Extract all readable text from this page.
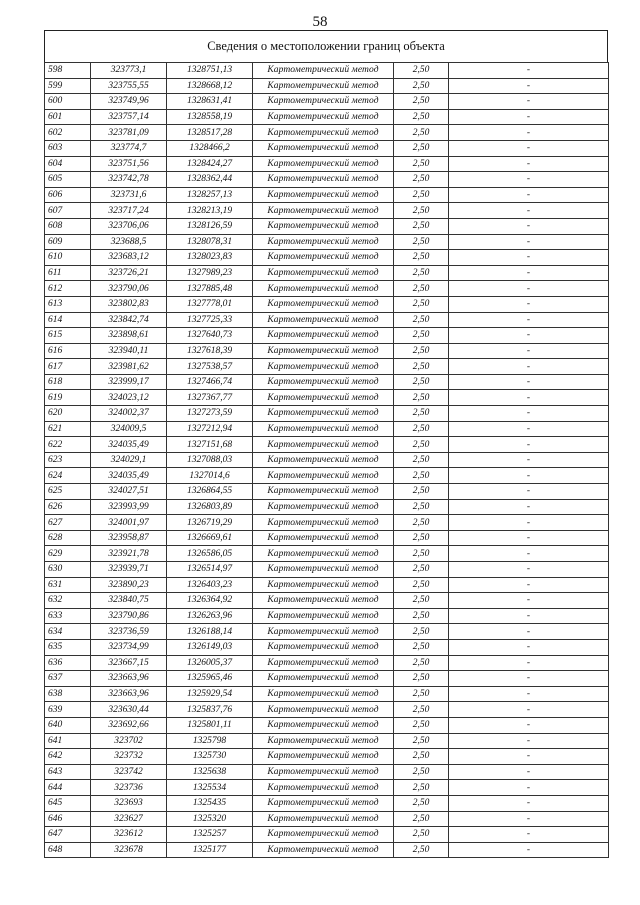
58
Сведения о местоположении границ объекта
598	323773,1	1328751,13	Картометрический метод	2,50	-
599	323755,55	1328668,12	Картометрический метод	2,50	-
600	323749,96	1328631,41	Картометрический метод	2,50	-
601	323757,14	1328558,19	Картометрический метод	2,50	-
602	323781,09	1328517,28	Картометрический метод	2,50	-
603	323774,7	1328466,2	Картометрический метод	2,50	-
604	323751,56	1328424,27	Картометрический метод	2,50	-
605	323742,78	1328362,44	Картометрический метод	2,50	-
606	323731,6	1328257,13	Картометрический метод	2,50	-
607	323717,24	1328213,19	Картометрический метод	2,50	-
608	323706,06	1328126,59	Картометрический метод	2,50	-
609	323688,5	1328078,31	Картометрический метод	2,50	-
610	323683,12	1328023,83	Картометрический метод	2,50	-
611	323726,21	1327989,23	Картометрический метод	2,50	-
612	323790,06	1327885,48	Картометрический метод	2,50	-
613	323802,83	1327778,01	Картометрический метод	2,50	-
614	323842,74	1327725,33	Картометрический метод	2,50	-
615	323898,61	1327640,73	Картометрический метод	2,50	-
616	323940,11	1327618,39	Картометрический метод	2,50	-
617	323981,62	1327538,57	Картометрический метод	2,50	-
618	323999,17	1327466,74	Картометрический метод	2,50	-
619	324023,12	1327367,77	Картометрический метод	2,50	-
620	324002,37	1327273,59	Картометрический метод	2,50	-
621	324009,5	1327212,94	Картометрический метод	2,50	-
622	324035,49	1327151,68	Картометрический метод	2,50	-
623	324029,1	1327088,03	Картометрический метод	2,50	-
624	324035,49	1327014,6	Картометрический метод	2,50	-
625	324027,51	1326864,55	Картометрический метод	2,50	-
626	323993,99	1326803,89	Картометрический метод	2,50	-
627	324001,97	1326719,29	Картометрический метод	2,50	-
628	323958,87	1326669,61	Картометрический метод	2,50	-
629	323921,78	1326586,05	Картометрический метод	2,50	-
630	323939,71	1326514,97	Картометрический метод	2,50	-
631	323890,23	1326403,23	Картометрический метод	2,50	-
632	323840,75	1326364,92	Картометрический метод	2,50	-
633	323790,86	1326263,96	Картометрический метод	2,50	-
634	323736,59	1326188,14	Картометрический метод	2,50	-
635	323734,99	1326149,03	Картометрический метод	2,50	-
636	323667,15	1326005,37	Картометрический метод	2,50	-
637	323663,96	1325965,46	Картометрический метод	2,50	-
638	323663,96	1325929,54	Картометрический метод	2,50	-
639	323630,44	1325837,76	Картометрический метод	2,50	-
640	323692,66	1325801,11	Картометрический метод	2,50	-
641	323702	1325798	Картометрический метод	2,50	-
642	323732	1325730	Картометрический метод	2,50	-
643	323742	1325638	Картометрический метод	2,50	-
644	323736	1325534	Картометрический метод	2,50	-
645	323693	1325435	Картометрический метод	2,50	-
646	323627	1325320	Картометрический метод	2,50	-
647	323612	1325257	Картометрический метод	2,50	-
648	323678	1325177	Картометрический метод	2,50	-
